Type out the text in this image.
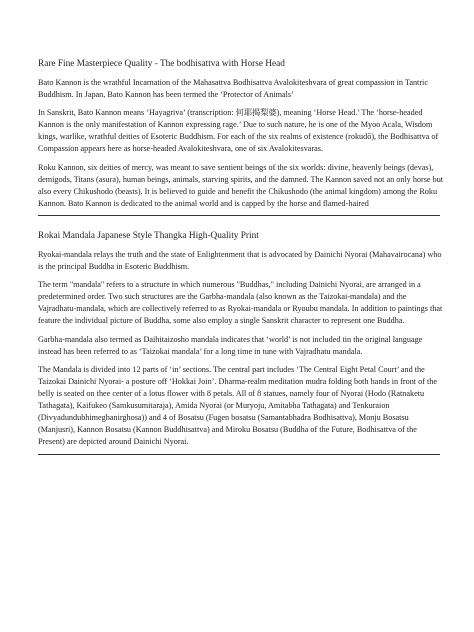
Rare Fine Masterpiece Quality - The bodhisattva with Horse Head

Bato Kannon is the wrathful Incarnation of the Mahasattva Bodhisattva Avalokiteshvara of great compassion in Tantric Buddhism. In Japan, Bato Kannon has been termed the ‘Protector of Animals’

In Sanskrit, Bato Kannon means ‘Hayagriva’ (transcription: 何耶揭梨婆), meaning ‘Horse Head.’ The ‘horse-headed Kannon is the only manifestation of Kannon expressing rage.’ Due to such nature, he is one of the Myoo Acala, Wisdom kings, warlike, wrathful deities of Esoteric Buddhism. For each of the six realms of existence (rokudō), the Bodhisattva of Compassion appears here as horse-headed Avalokiteshvara, one of six Avalokitesvaras.

Roku Kannon, six deities of mercy, was meant to save sentient beings of the six worlds: divine, heavenly beings (devas), demigods, Titans (asura), human beings, animals, starving spirits, and the damned. The Kannon saved not an only horse but also every Chikushodo (beasts). It is believed to guide and benefit the Chikushodo (the animal kingdom) among the Roku Kannon. Bato Kannon is dedicated to the animal world and is capped by the horse and flamed-haired

Rokai Mandala Japanese Style Thangka High-Quality Print

Ryokai-mandala relays the truth and the state of Enlightenment that is advocated by Dainichi Nyorai (Mahavairocana) who is the principal Buddha in Esoteric Buddhism.

The term "mandala" refers to a structure in which numerous "Buddhas," including Dainichi Nyorai, are arranged in a predetermined order. Two such structures are the Garbha-mandala (also known as the Taizokai-mandala) and the Vajradhatu-mandala, which are collectively referred to as Ryokai-mandala or Ryoubu mandala. In addition to paintings that feature the individual picture of Buddha, some also employ a single Sanskrit character to represent one Buddha.

Garbha-mandala also termed as Daihitaizosho mandala indicates that ‘world’ is not included tin the original language instead has been referred to as ‘Taizokai mandala’ for a long time in tune with Vajradhatu mandala.

The Mandala is divided into 12 parts of ‘in’ sections. The central part includes ‘The Central Eight Petal Court’ and the Taizokai Dainichi Nyorai- a posture off ‘Hokkai Join’. Dharma-realm meditation mudra folding both hands in front of the belly is seated on thee center of a lotus flower with 8 petals. All of 8 statues, namely four of Nyorai (Hodo (Ratnaketu Tathagata), Kaifukeo (Samkusumitaraja), Amida Nyorai (or Muryoju, Amitabha Tathagata) and Tenkuraion (Divyadundubhimeghanirghosa)) and 4 of Bosatsu (Fugen bosatsu (Samantabhadra Bodhisattva), Monju Bosatsu (Manjusri), Kannon Bosatsu (Kannon Buddhisattva) and Miroku Bosatsu (Buddha of the Future, Bodhisattva of the Present) are depicted around Dainichi Nyorai.
